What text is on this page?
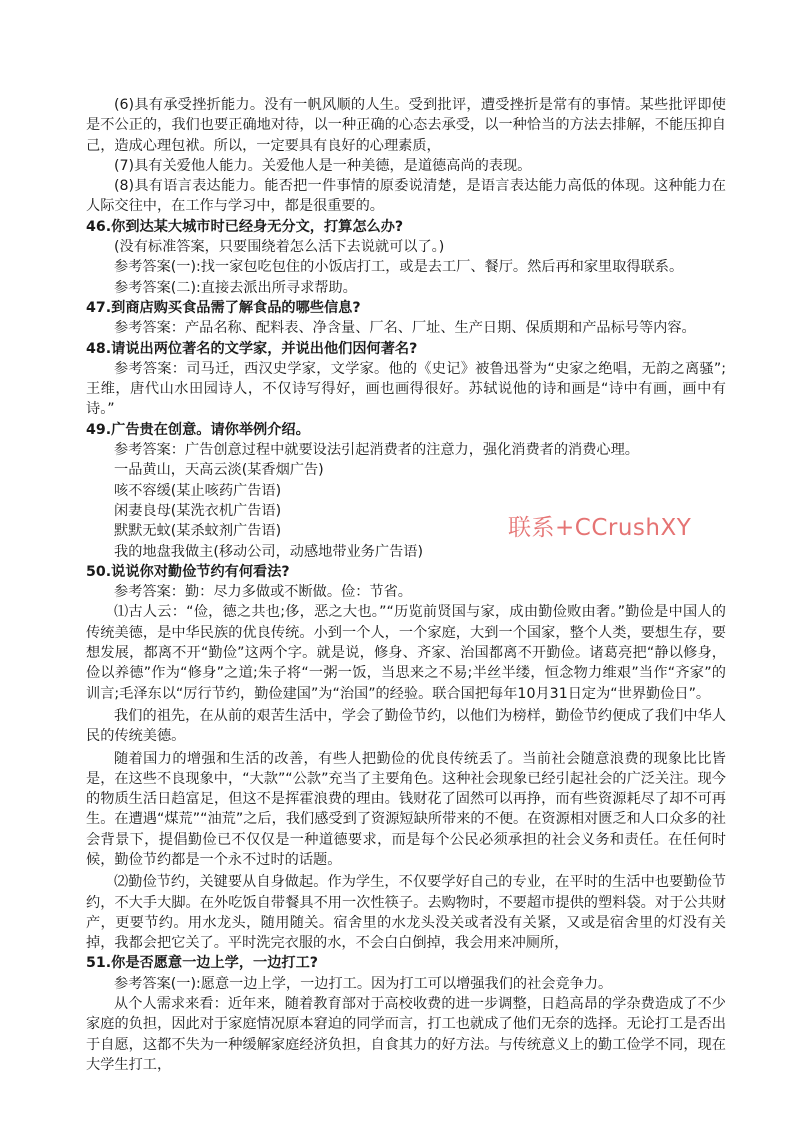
(6)具有承受挫折能力。没有一帆风顺的人生。受到批评，遭受挫折是常有的事情。某些批评即使是不公正的，我们也要正确地对待，以一种正确的心态去承受，以一种恰当的方法去排解，不能压抑自己，造成心理包袱。所以，一定要具有良好的心理素质，

(7)具有关爱他人能力。关爱他人是一种美德，是道德高尚的表现。

(8)具有语言表达能力。能否把一件事情的原委说清楚，是语言表达能力高低的体现。这种能力在人际交往中，在工作与学习中，都是很重要的。

46.你到达某大城市时已经身无分文，打算怎么办?

(没有标准答案，只要围绕着怎么活下去说就可以了。)

参考答案(一):找一家包吃包住的小饭店打工，或是去工厂、餐厅。然后再和家里取得联系。

参考答案(二):直接去派出所寻求帮助。

47.到商店购买食品需了解食品的哪些信息?

参考答案：产品名称、配料表、净含量、厂名、厂址、生产日期、保质期和产品标号等内容。

48.请说出两位著名的文学家，并说出他们因何著名?

参考答案：司马迁，西汉史学家，文学家。他的《史记》被鲁迅誉为“史家之绝唱，无韵之离骚”;王维，唐代山水田园诗人，不仅诗写得好，画也画得很好。苏轼说他的诗和画是“诗中有画，画中有诗。”

49.广告贵在创意。请你举例介绍。

参考答案：广告创意过程中就要设法引起消费者的注意力，强化消费者的消费心理。

一品黄山，天高云淡(某香烟广告)

咳不容缓(某止咳药广告语)

闲妻良母(某洗衣机广告语)

默默无蚊(某杀蚊剂广告语)

我的地盘我做主(移动公司，动感地带业务广告语)

50.说说你对勤俭节约有何看法?

参考答案：勤：尽力多做或不断做。俭：节省。

⑴古人云：“俭，德之共也;侈，恶之大也。”“历览前贤国与家，成由勤俭败由奢。”勤俭是中国人的传统美德，是中华民族的优良传统。小到一个人，一个家庭，大到一个国家，整个人类，要想生存，要想发展，都离不开“勤俭”这两个字。就是说，修身、齐家、治国都离不开勤俭。诸葛亮把“静以修身，俭以养德”作为“修身”之道;朱子将“一粥一饭，当思来之不易;半丝半缕，恒念物力维艰”当作“齐家”的训言;毛泽东以“厉行节约，勤俭建国”为“治国”的经验。联合国把每年10月31日定为“世界勤俭日”。

我们的祖先，在从前的艰苦生活中，学会了勤俭节约，以他们为榜样，勤俭节约便成了我们中华人民的传统美德。

随着国力的增强和生活的改善，有些人把勤俭的优良传统丢了。当前社会随意浪费的现象比比皆是，在这些不良现象中，“大款”“公款”充当了主要角色。这种社会现象已经引起社会的广泛关注。现今的物质生活日趋富足，但这不是挥霍浪费的理由。钱财花了固然可以再挣，而有些资源耗尽了却不可再生。在遭遇“煤荒”“油荒”之后，我们感受到了资源短缺所带来的不便。在资源相对匮乏和人口众多的社会背景下，提倡勤俭已不仅仅是一种道德要求，而是每个公民必须承担的社会义务和责任。在任何时候，勤俭节约都是一个永不过时的话题。

⑵勤俭节约，关键要从自身做起。作为学生，不仅要学好自己的专业，在平时的生活中也要勤俭节约，不大手大脚。在外吃饭自带餐具不用一次性筷子。去购物时，不要超市提供的塑料袋。对于公共财产，更要节约。用水龙头，随用随关。宿舍里的水龙头没关或者没有关紧，又或是宿舍里的灯没有关掉，我都会把它关了。平时洗完衣服的水，不会白白倒掉，我会用来冲厕所，

51.你是否愿意一边上学，一边打工?

参考答案(一):愿意一边上学，一边打工。因为打工可以增强我们的社会竞争力。

从个人需求来看：近年来，随着教育部对于高校收费的进一步调整，日趋高昂的学杂费造成了不少家庭的负担，因此对于家庭情况原本窘迫的同学而言，打工也就成了他们无奈的选择。无论打工是否出于自愿，这都不失为一种缓解家庭经济负担，自食其力的好方法。与传统意义上的勤工俭学不同，现在大学生打工，

联系+CCrushXY
